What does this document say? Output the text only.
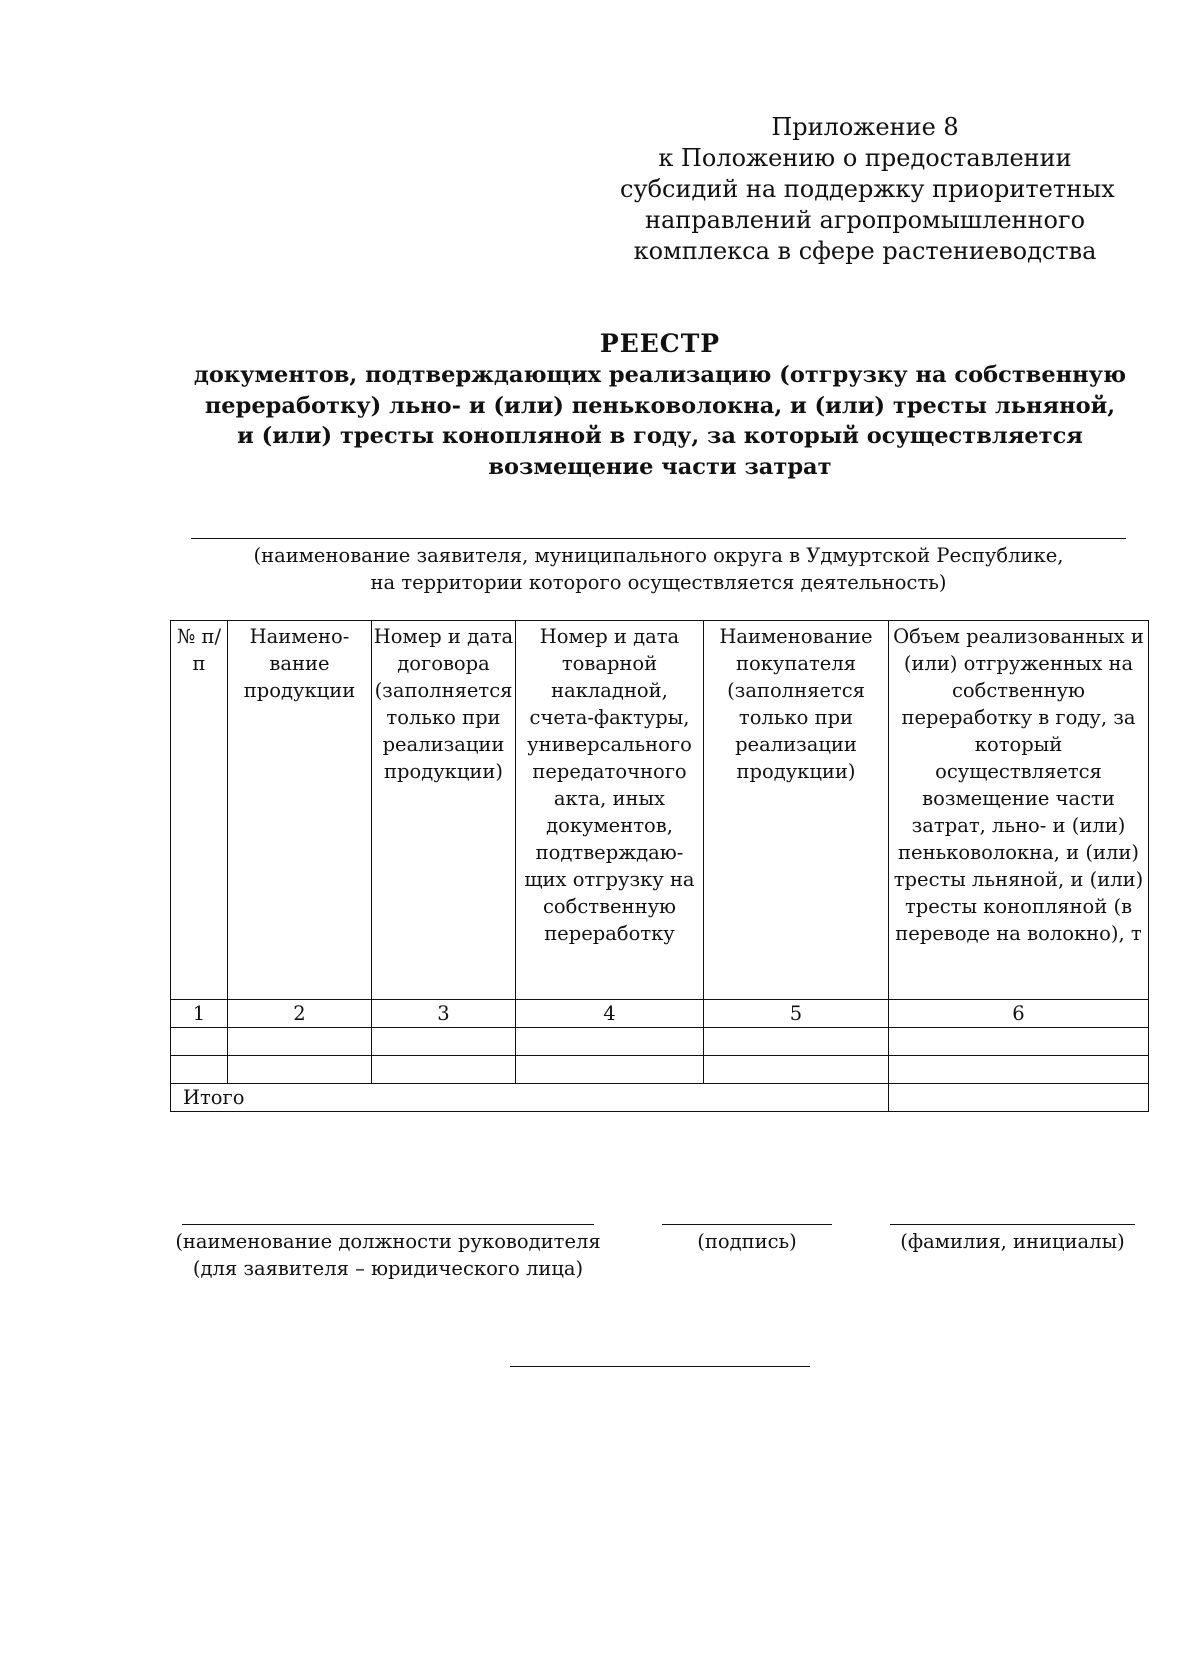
Приложение 8
к Положению о предоставлении
субсидий на поддержку приоритетных
направлений агропромышленного
комплекса в сфере растениеводства
РЕЕСТР
документов, подтверждающих реализацию (отгрузку на собственную
переработку) льно- и (или) пеньковолокна, и (или) тресты льняной,
и (или) тресты конопляной в году, за который осуществляется
возмещение части затрат
(наименование заявителя, муниципального округа в Удмуртской Республике,
на территории которого осуществляется деятельность)
№ п/п	Наимено-вание продукции	Номер и дата договора (заполняется только при реализации продукции)	Номер и дата товарной накладной, счета-фактуры, универсального передаточного акта, иных документов, подтверждаю-щих отгрузку на собственную переработку	Наименование покупателя (заполняется только при реализации продукции)	Объем реализованных и (или) отгруженных на собственную переработку в году, за который осуществляется возмещение части затрат, льно- и (или) пеньковолокна, и (или) тресты льняной, и (или) тресты конопляной (в переводе на волокно), т

1	2	3	4	5	6

Итого					
(наименование должности руководителя
(для заявителя – юридического лица)
(подпись)	(фамилия, инициалы)
